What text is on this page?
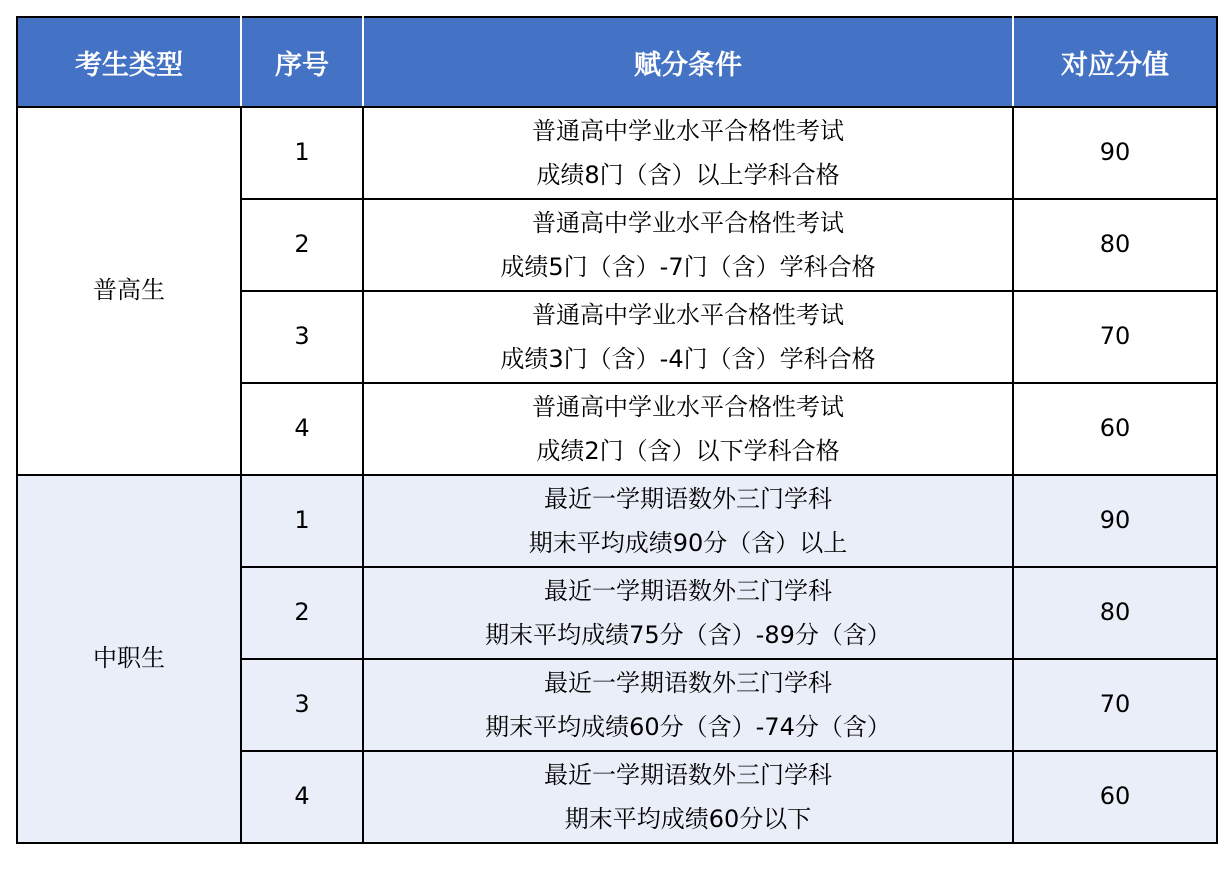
考生类型	序号	赋分条件	对应分值
普高生	1	普通高中学业水平合格性考试
成绩8门（含）以上学科合格	90
	2	普通高中学业水平合格性考试
成绩5门（含）-7门（含）学科合格	80
	3	普通高中学业水平合格性考试
成绩3门（含）-4门（含）学科合格	70
	4	普通高中学业水平合格性考试
成绩2门（含）以下学科合格	60
中职生	1	最近一学期语数外三门学科
期末平均成绩90分（含）以上	90
	2	最近一学期语数外三门学科
期末平均成绩75分（含）-89分（含）	80
	3	最近一学期语数外三门学科
期末平均成绩60分（含）-74分（含）	70
	4	最近一学期语数外三门学科
期末平均成绩60分以下	60
